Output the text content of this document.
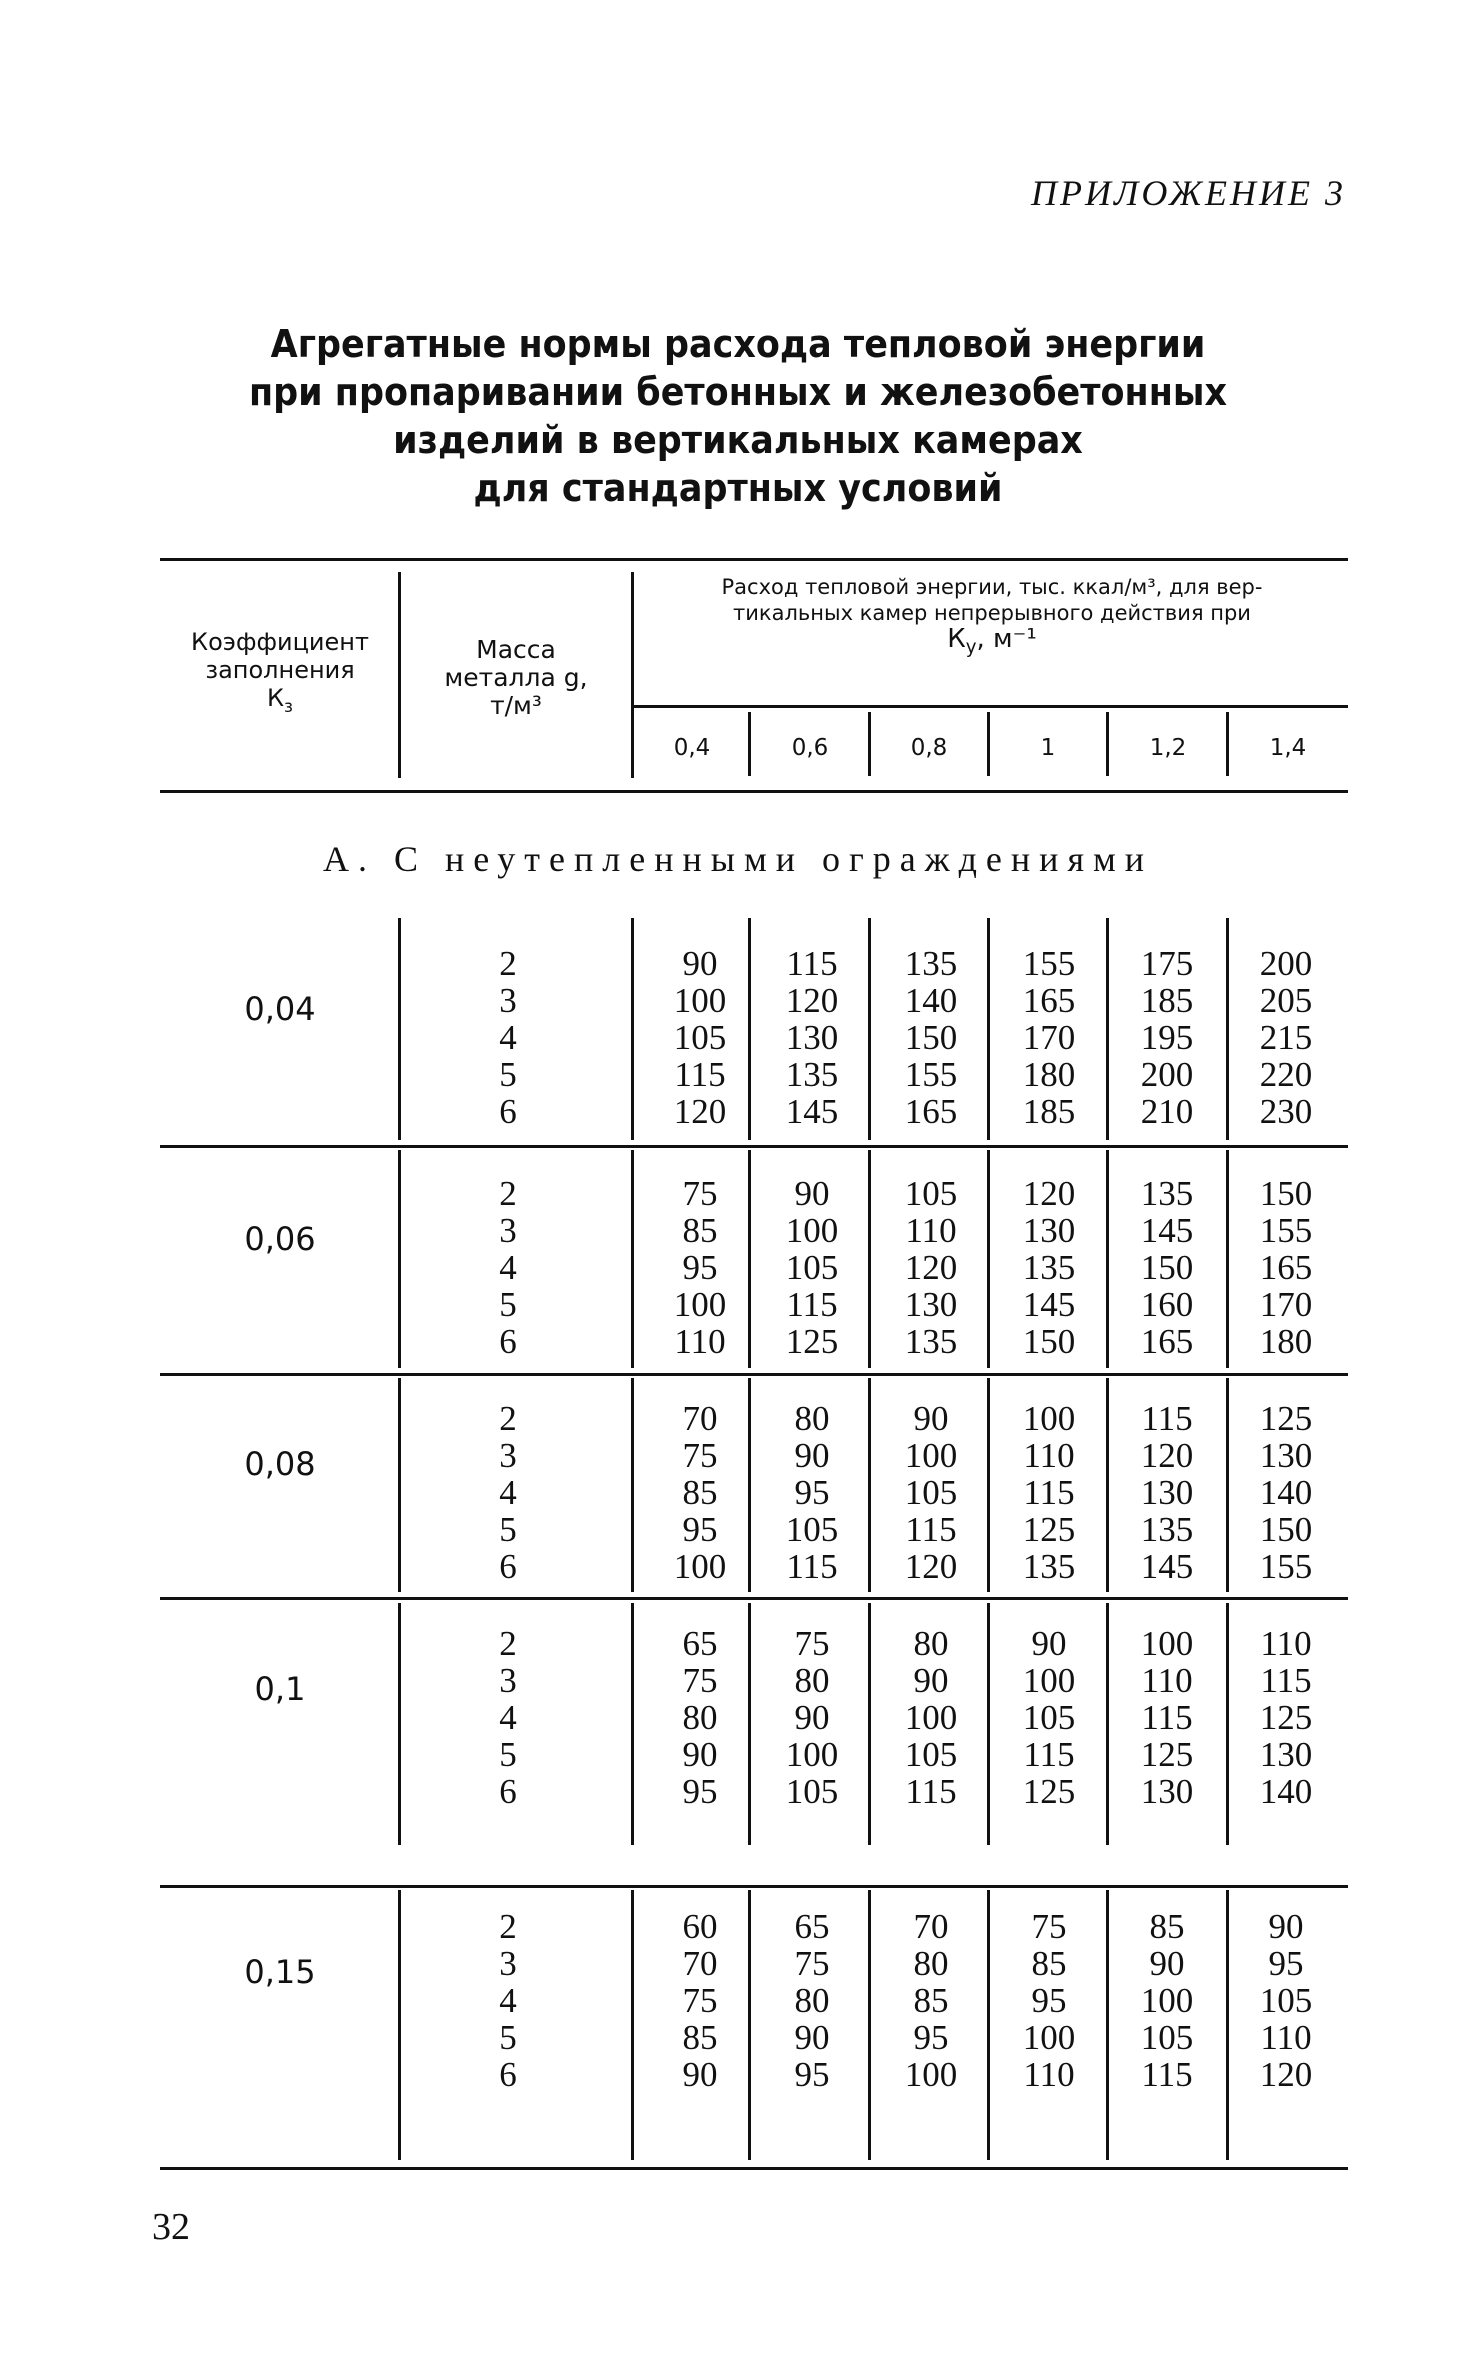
ПРИЛОЖЕНИЕ 3
Агрегатные нормы расхода тепловой энергии
при пропаривании бетонных и железобетонных
изделий в вертикальных камерах
для стандартных условий
Коэффициент
заполнения
$К_з$
Масса
металла g,
т/м³
Расход тепловой энергии, тыс. ккал/м³, для вер-
тикальных камер непрерывного действия при
$К_у$, м⁻¹
0,4	0,6	0,8	1	1,2	1,4
А. С неутепленными ограждениями
0,04
2	90	115	135	155	175	200
3	100	120	140	165	185	205
4	105	130	150	170	195	215
5	115	135	155	180	200	220
6	120	145	165	185	210	230
0,06
2	75	90	105	120	135	150
3	85	100	110	130	145	155
4	95	105	120	135	150	165
5	100	115	130	145	160	170
6	110	125	135	150	165	180
0,08
2	70	80	90	100	115	125
3	75	90	100	110	120	130
4	85	95	105	115	130	140
5	95	105	115	125	135	150
6	100	115	120	135	145	155
0,1
2	65	75	80	90	100	110
3	75	80	90	100	110	115
4	80	90	100	105	115	125
5	90	100	105	115	125	130
6	95	105	115	125	130	140
0,15
2	60	65	70	75	85	90
3	70	75	80	85	90	95
4	75	80	85	95	100	105
5	85	90	95	100	105	110
6	90	95	100	110	115	120
32
